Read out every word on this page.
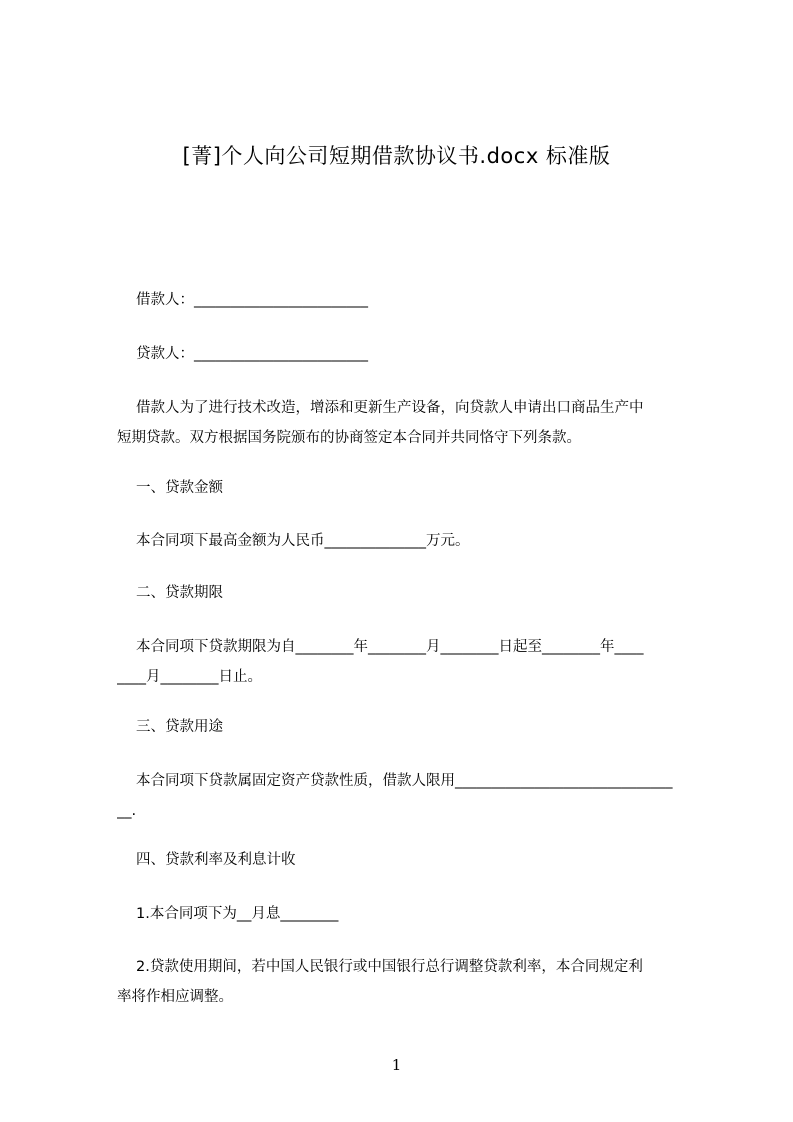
[菁]个人向公司短期借款协议书.docx 标准版
借款人：________________________
贷款人：________________________
借款人为了进行技术改造，增添和更新生产设备，向贷款人申请出口商品生产中
短期贷款。双方根据国务院颁布的协商签定本合同并共同恪守下列条款。
一、贷款金额
本合同项下最高金额为人民币______________万元。
二、贷款期限
本合同项下贷款期限为自________年________月________日起至________年____
____月________日止。
三、贷款用途
本合同项下贷款属固定资产贷款性质，借款人限用______________________________
__.
四、贷款利率及利息计收
1.本合同项下为__月息________
2.贷款使用期间，若中国人民银行或中国银行总行调整贷款利率，本合同规定利
率将作相应调整。
1
